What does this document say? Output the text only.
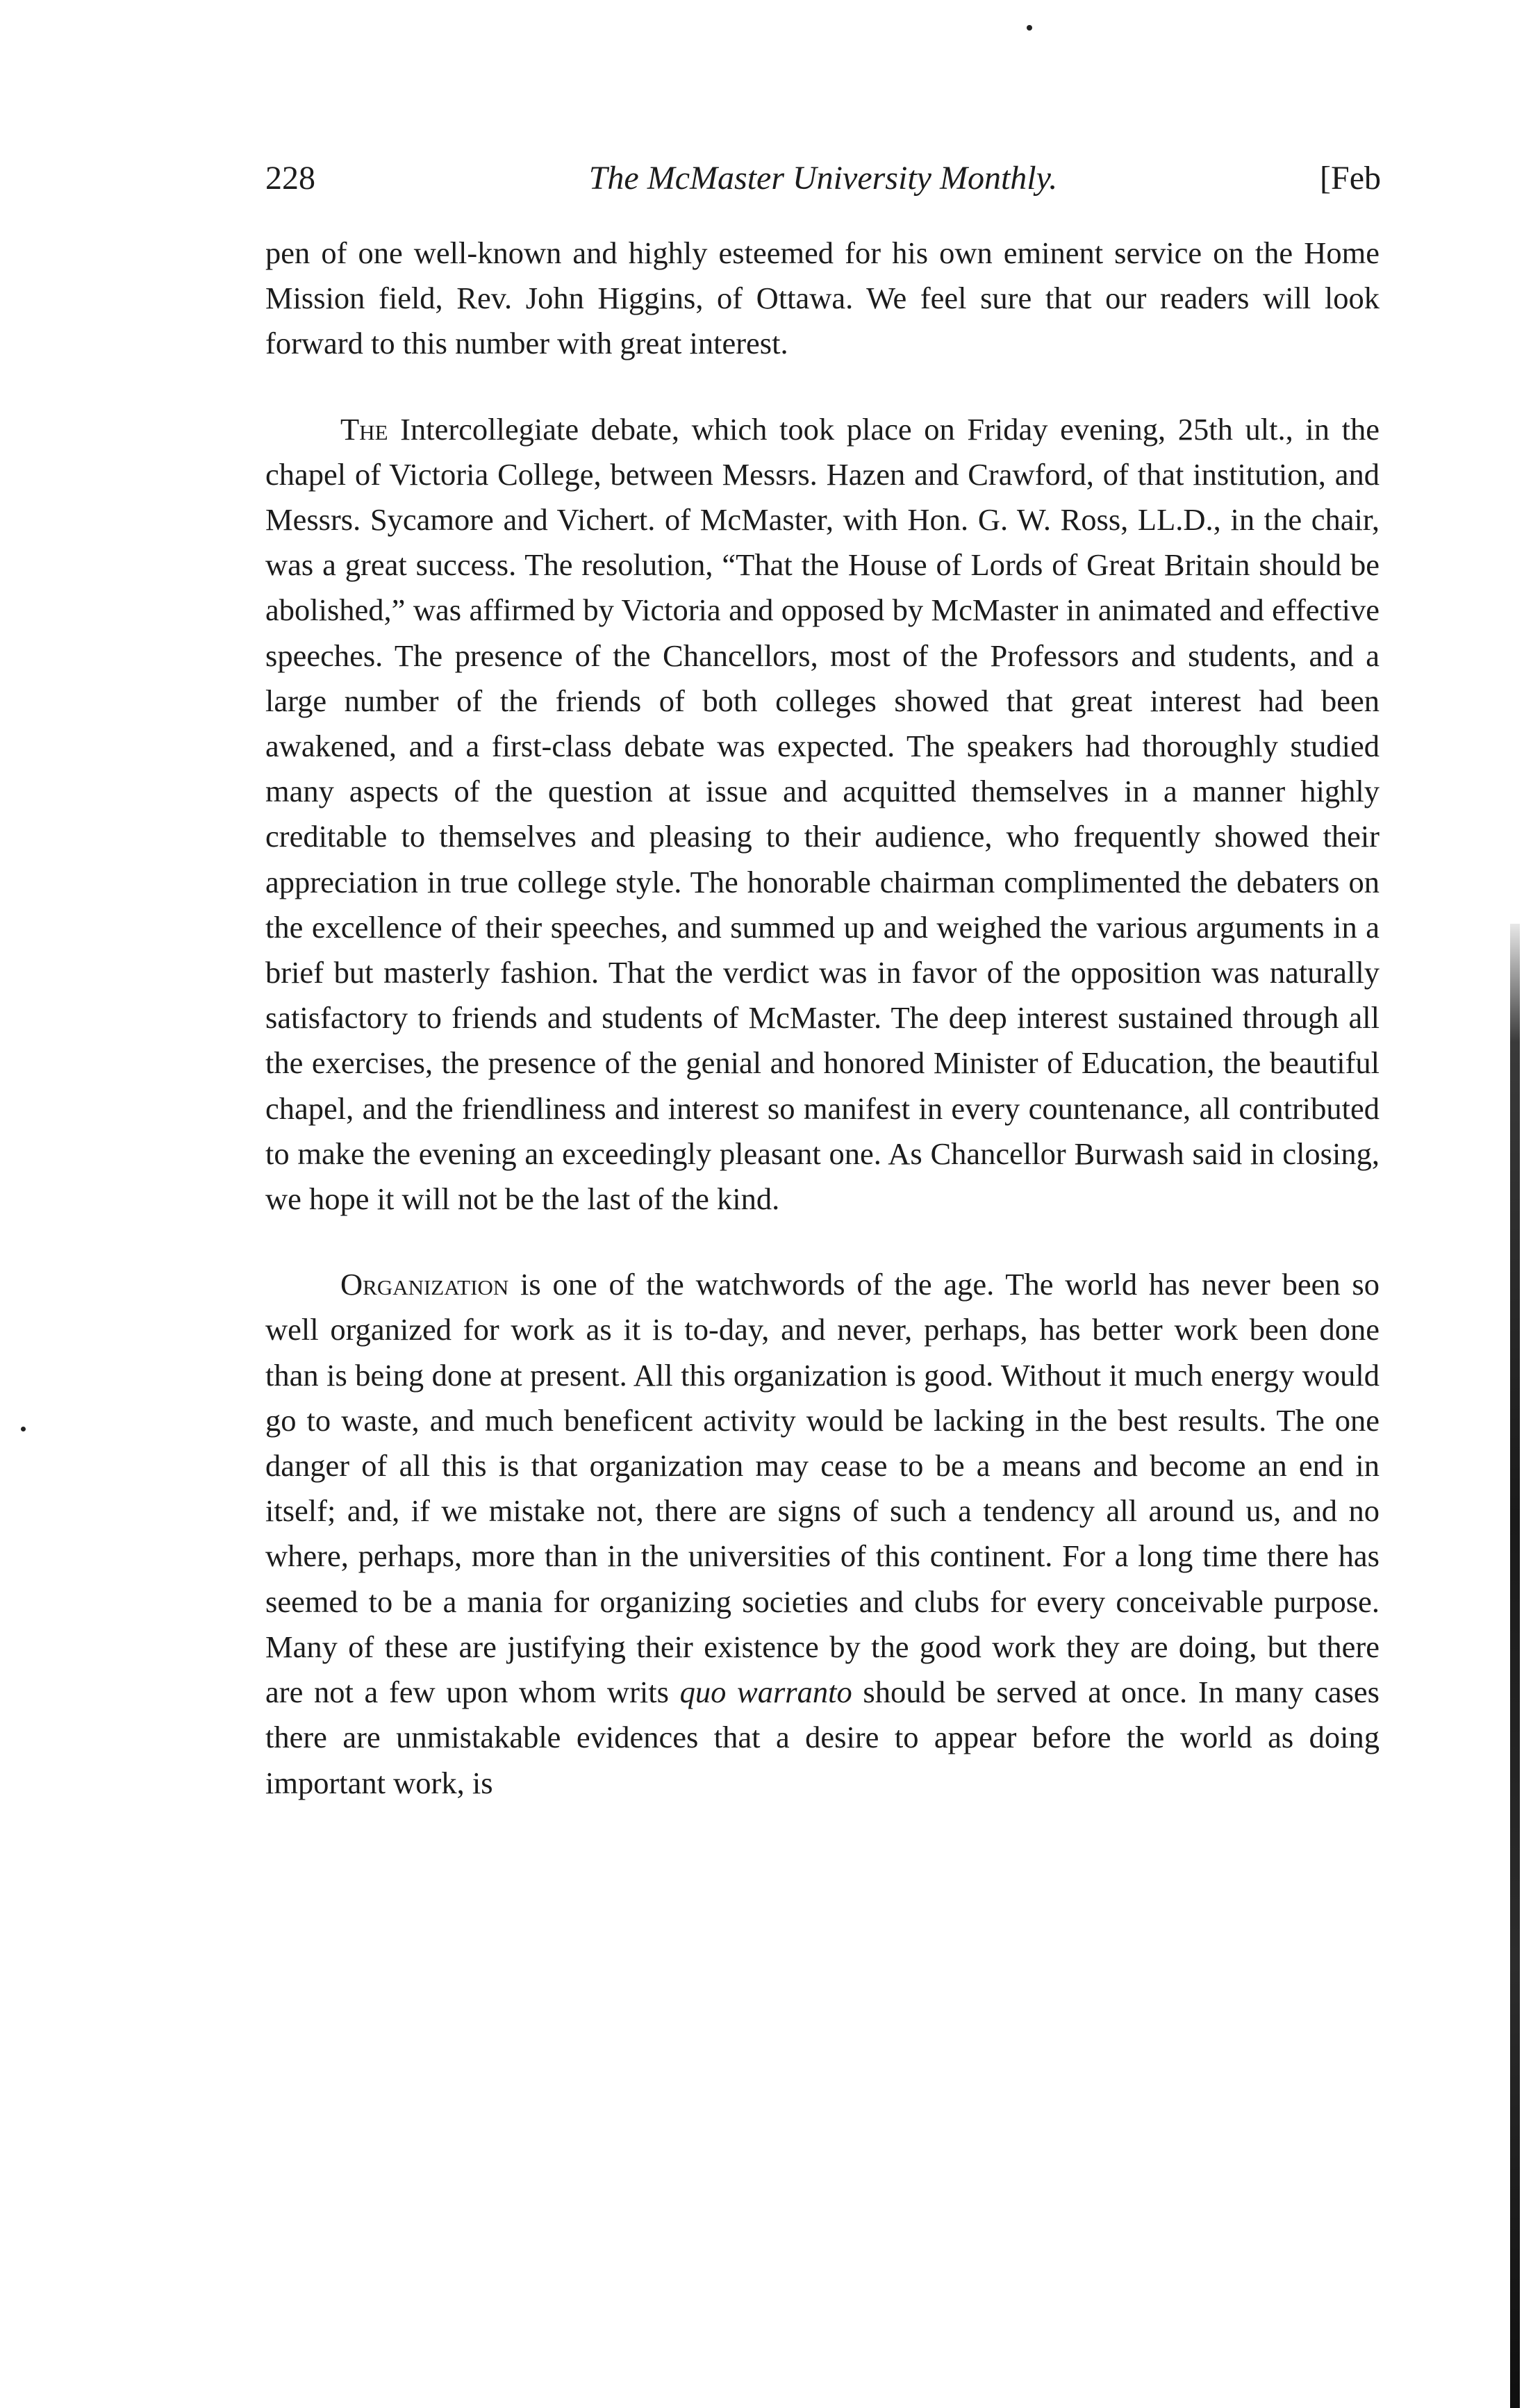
228	The McMaster University Monthly.	[Feb

pen of one well-known and highly esteemed for his own eminent service on the Home Mission field, Rev. John Higgins, of Ottawa. We feel sure that our readers will look forward to this number with great interest.

The Intercollegiate debate, which took place on Friday evening, 25th ult., in the chapel of Victoria College, between Messrs. Hazen and Crawford, of that institution, and Messrs. Sycamore and Vichert. of McMaster, with Hon. G. W. Ross, LL.D., in the chair, was a great success. The resolution, “That the House of Lords of Great Britain should be abolished,” was affirmed by Victoria and opposed by McMaster in animated and effective speeches. The presence of the Chancellors, most of the Professors and students, and a large number of the friends of both colleges showed that great interest had been awakened, and a first-class debate was expected. The speakers had thoroughly studied many aspects of the question at issue and acquitted themselves in a manner highly creditable to themselves and pleasing to their audience, who frequently showed their appreciation in true college style. The honorable chairman complimented the debaters on the excellence of their speeches, and summed up and weighed the various arguments in a brief but masterly fashion. That the verdict was in favor of the opposition was naturally satisfactory to friends and students of McMaster. The deep interest sustained through all the exercises, the presence of the genial and honored Minister of Education, the beautiful chapel, and the friendliness and interest so manifest in every countenance, all contributed to make the evening an exceedingly pleasant one. As Chancellor Burwash said in closing, we hope it will not be the last of the kind.

Organization is one of the watchwords of the age. The world has never been so well organized for work as it is to-day, and never, perhaps, has better work been done than is being done at present. All this organization is good. Without it much energy would go to waste, and much beneficent activity would be lacking in the best results. The one danger of all this is that organization may cease to be a means and become an end in itself; and, if we mistake not, there are signs of such a tendency all around us, and no where, perhaps, more than in the universities of this continent. For a long time there has seemed to be a mania for organizing societies and clubs for every conceivable purpose. Many of these are justifying their existence by the good work they are doing, but there are not a few upon whom writs quo warranto should be served at once. In many cases there are unmistakable evidences that a desire to appear before the world as doing important work, is
